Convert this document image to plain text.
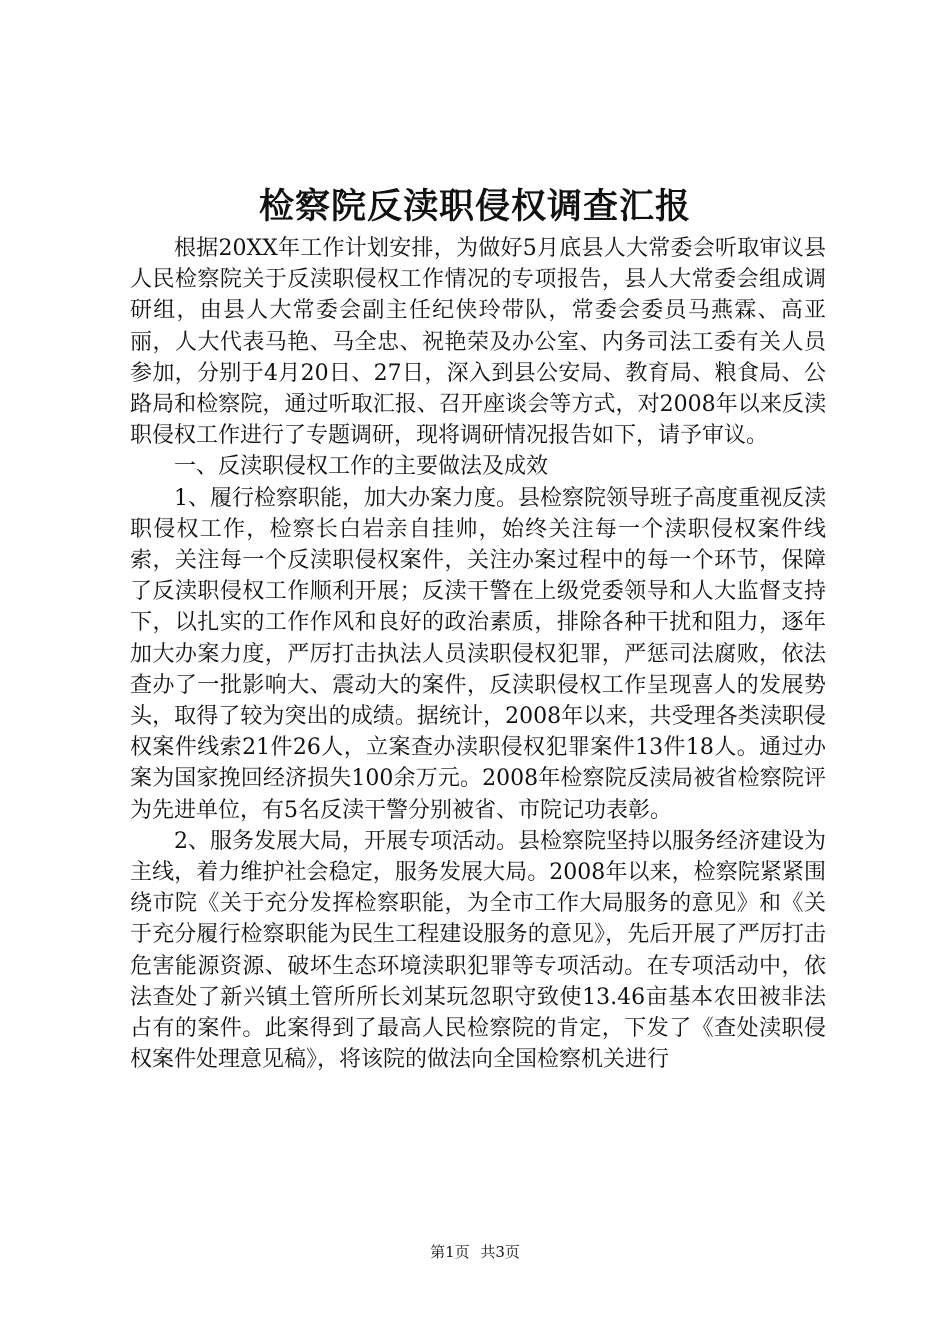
检察院反渎职侵权调查汇报

根据20XX年工作计划安排，为做好5月底县人大常委会听取审议县人民检察院关于反渎职侵权工作情况的专项报告，县人大常委会组成调研组，由县人大常委会副主任纪侠玲带队，常委会委员马燕霖、高亚丽，人大代表马艳、马全忠、祝艳荣及办公室、内务司法工委有关人员参加，分别于4月20日、27日，深入到县公安局、教育局、粮食局、公路局和检察院，通过听取汇报、召开座谈会等方式，对2008年以来反渎职侵权工作进行了专题调研，现将调研情况报告如下，请予审议。

一、反渎职侵权工作的主要做法及成效

1、履行检察职能，加大办案力度。县检察院领导班子高度重视反渎职侵权工作，检察长白岩亲自挂帅，始终关注每一个渎职侵权案件线索，关注每一个反渎职侵权案件，关注办案过程中的每一个环节，保障了反渎职侵权工作顺利开展；反渎干警在上级党委领导和人大监督支持下，以扎实的工作作风和良好的政治素质，排除各种干扰和阻力，逐年加大办案力度，严厉打击执法人员渎职侵权犯罪，严惩司法腐败，依法查办了一批影响大、震动大的案件，反渎职侵权工作呈现喜人的发展势头，取得了较为突出的成绩。据统计，2008年以来，共受理各类渎职侵权案件线索21件26人，立案查办渎职侵权犯罪案件13件18人。通过办案为国家挽回经济损失100余万元。2008年检察院反渎局被省检察院评为先进单位，有5名反渎干警分别被省、市院记功表彰。

2、服务发展大局，开展专项活动。县检察院坚持以服务经济建设为主线，着力维护社会稳定，服务发展大局。2008年以来，检察院紧紧围绕市院《关于充分发挥检察职能，为全市工作大局服务的意见》和《关于充分履行检察职能为民生工程建设服务的意见》，先后开展了严厉打击危害能源资源、破坏生态环境渎职犯罪等专项活动。在专项活动中，依法查处了新兴镇土管所所长刘某玩忽职守致使13.46亩基本农田被非法占有的案件。此案得到了最高人民检察院的肯定，下发了《查处渎职侵权案件处理意见稿》，将该院的做法向全国检察机关进行

第1页 共3页
